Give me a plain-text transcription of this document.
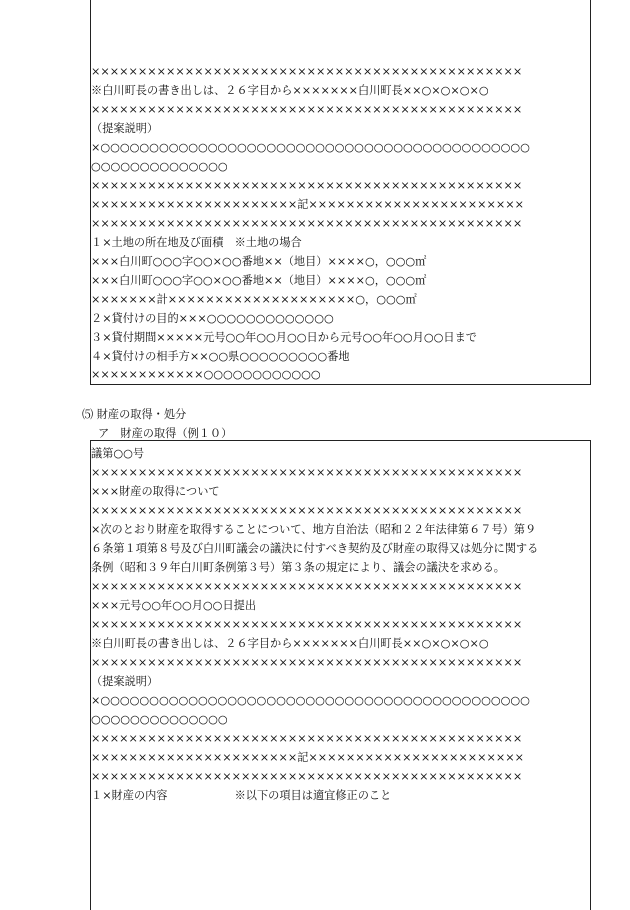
××××××××××××××××××××××××××××××××××××××××××××××

※白川町長の書き出しは、２６字目から×××××××白川町長××○×○×○×○

××××××××××××××××××××××××××××××××××××××××××××××

（提案説明）

×○○○○○○○○○○○○○○○○○○○○○○○○○○○○○○○○○○○○○○○○○○○○

○○○○○○○○○○○○○○

××××××××××××××××××××××××××××××××××××××××××××××

××××××××××××××××××××××記×××××××××××××××××××××××

××××××××××××××××××××××××××××××××××××××××××××××

１×土地の所在地及び面積　※土地の場合

×××白川町○○○字○○×○○番地××（地目）××××○，○○○㎡

×××白川町○○○字○○×○○番地××（地目）××××○，○○○㎡

×××××××計××××××××××××××××××××○，○○○㎡

２×貸付けの目的×××○○○○○○○○○○○○○

３×貸付期間×××××元号○○年○○月○○日から元号○○年○○月○○日まで

４×貸付けの相手方××○○県○○○○○○○○○番地

××××××××××××○○○○○○○○○○○○

⑸ 財産の取得・処分

ア　財産の取得（例１０）

議第○○号

××××××××××××××××××××××××××××××××××××××××××××××

×××財産の取得について

××××××××××××××××××××××××××××××××××××××××××××××

×次のとおり財産を取得することについて、地方自治法（昭和２２年法律第６７号）第９

６条第１項第８号及び白川町議会の議決に付すべき契約及び財産の取得又は処分に関する

条例（昭和３９年白川町条例第３号）第３条の規定により、議会の議決を求める。

××××××××××××××××××××××××××××××××××××××××××××××

×××元号○○年○○月○○日提出

××××××××××××××××××××××××××××××××××××××××××××××

※白川町長の書き出しは、２６字目から×××××××白川町長××○×○×○×○

××××××××××××××××××××××××××××××××××××××××××××××

（提案説明）

×○○○○○○○○○○○○○○○○○○○○○○○○○○○○○○○○○○○○○○○○○○○○

○○○○○○○○○○○○○○

××××××××××××××××××××××××××××××××××××××××××××××

××××××××××××××××××××××記×××××××××××××××××××××××

××××××××××××××××××××××××××××××××××××××××××××××

１×財産の内容　　　　　　※以下の項目は適宜修正のこと
